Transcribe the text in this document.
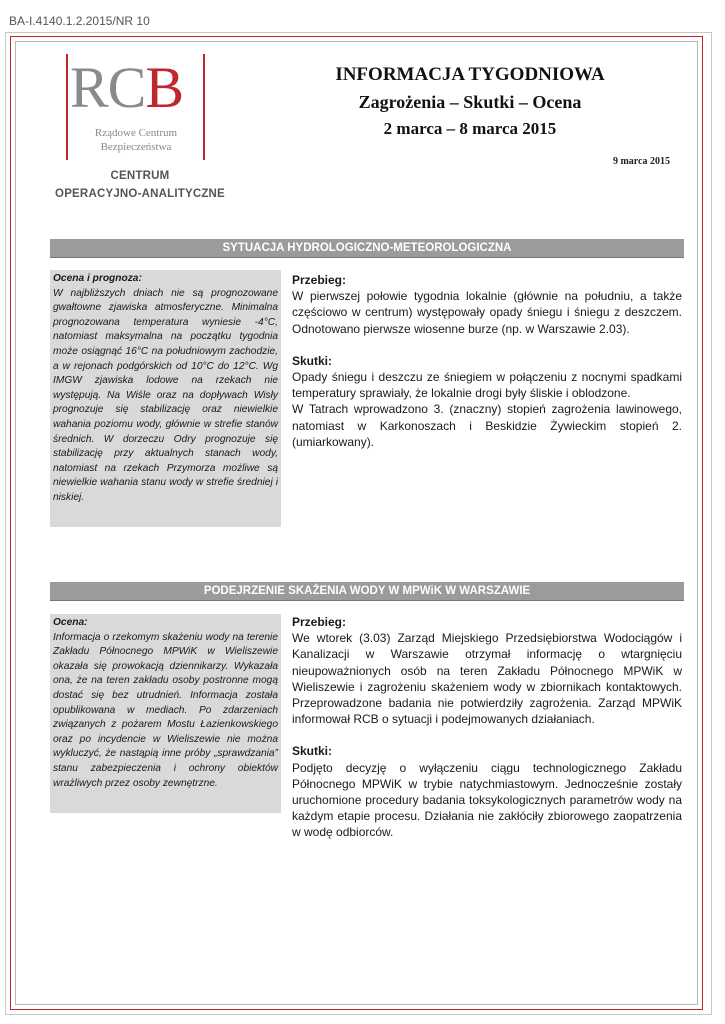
BA-I.4140.1.2.2015/NR 10
RCB
Rządowe Centrum
Bezpieczeństwa
CENTRUM
OPERACYJNO-ANALITYCZNE
INFORMACJA TYGODNIOWA
Zagrożenia – Skutki – Ocena
2 marca – 8 marca 2015
9 marca 2015
SYTUACJA HYDROLOGICZNO-METEOROLOGICZNA
Ocena i prognoza:
W najbliższych dniach nie są prognozowane gwałtowne zjawiska atmosferyczne. Minimalna prognozowana temperatura wyniesie -4°C, natomiast maksymalna na początku tygodnia może osiągnąć 16°C na południowym zachodzie, a w rejonach podgórskich od 10°C do 12°C. Wg IMGW zjawiska lodowe na rzekach nie występują. Na Wiśle oraz na dopływach Wisły prognozuje się stabilizację oraz niewielkie wahania poziomu wody, głównie w strefie stanów średnich. W dorzeczu Odry prognozuje się stabilizację przy aktualnych stanach wody, natomiast na rzekach Przymorza możliwe są niewielkie wahania stanu wody w strefie średniej i niskiej.
Przebieg:

W pierwszej połowie tygodnia lokalnie (głównie na południu, a także częściowo w centrum) występowały opady śniegu i śniegu z deszczem. Odnotowano pierwsze wiosenne burze (np. w Warszawie 2.03).

Skutki:

Opady śniegu i deszczu ze śniegiem w połączeniu z nocnymi spadkami temperatury sprawiały, że lokalnie drogi były śliskie i oblodzone.

W Tatrach wprowadzono 3. (znaczny) stopień zagrożenia lawinowego, natomiast w Karkonoszach i Beskidzie Żywieckim stopień 2. (umiarkowany).

PODEJRZENIE SKAŻENIA WODY W MPWiK W WARSZAWIE
Ocena:
Informacja o rzekomym skażeniu wody na terenie Zakładu Północnego MPWiK w Wieliszewie okazała się prowokacją dziennikarzy. Wykazała ona, że na teren zakładu osoby postronne mogą dostać się bez utrudnień. Informacja została opublikowana w mediach. Po zdarzeniach związanych z pożarem Mostu Łazienkowskiego oraz po incydencie w Wieliszewie nie można wykluczyć, że nastąpią inne próby „sprawdzania” stanu zabezpieczenia i ochrony obiektów wrażliwych przez osoby zewnętrzne.
Przebieg:

We wtorek (3.03) Zarząd Miejskiego Przedsiębiorstwa Wodociągów i Kanalizacji w Warszawie otrzymał informację o wtargnięciu nieupoważnionych osób na teren Zakładu Północnego MPWiK w Wieliszewie i zagrożeniu skażeniem wody w zbiornikach kontaktowych. Przeprowadzone badania nie potwierdziły zagrożenia. Zarząd MPWiK informował RCB o sytuacji i podejmowanych działaniach.

Skutki:

Podjęto decyzję o wyłączeniu ciągu technologicznego Zakładu Północnego MPWiK w trybie natychmiastowym. Jednocześnie zostały uruchomione procedury badania toksykologicznych parametrów wody na każdym etapie procesu. Działania nie zakłóciły zbiorowego zaopatrzenia w wodę odbiorców.
